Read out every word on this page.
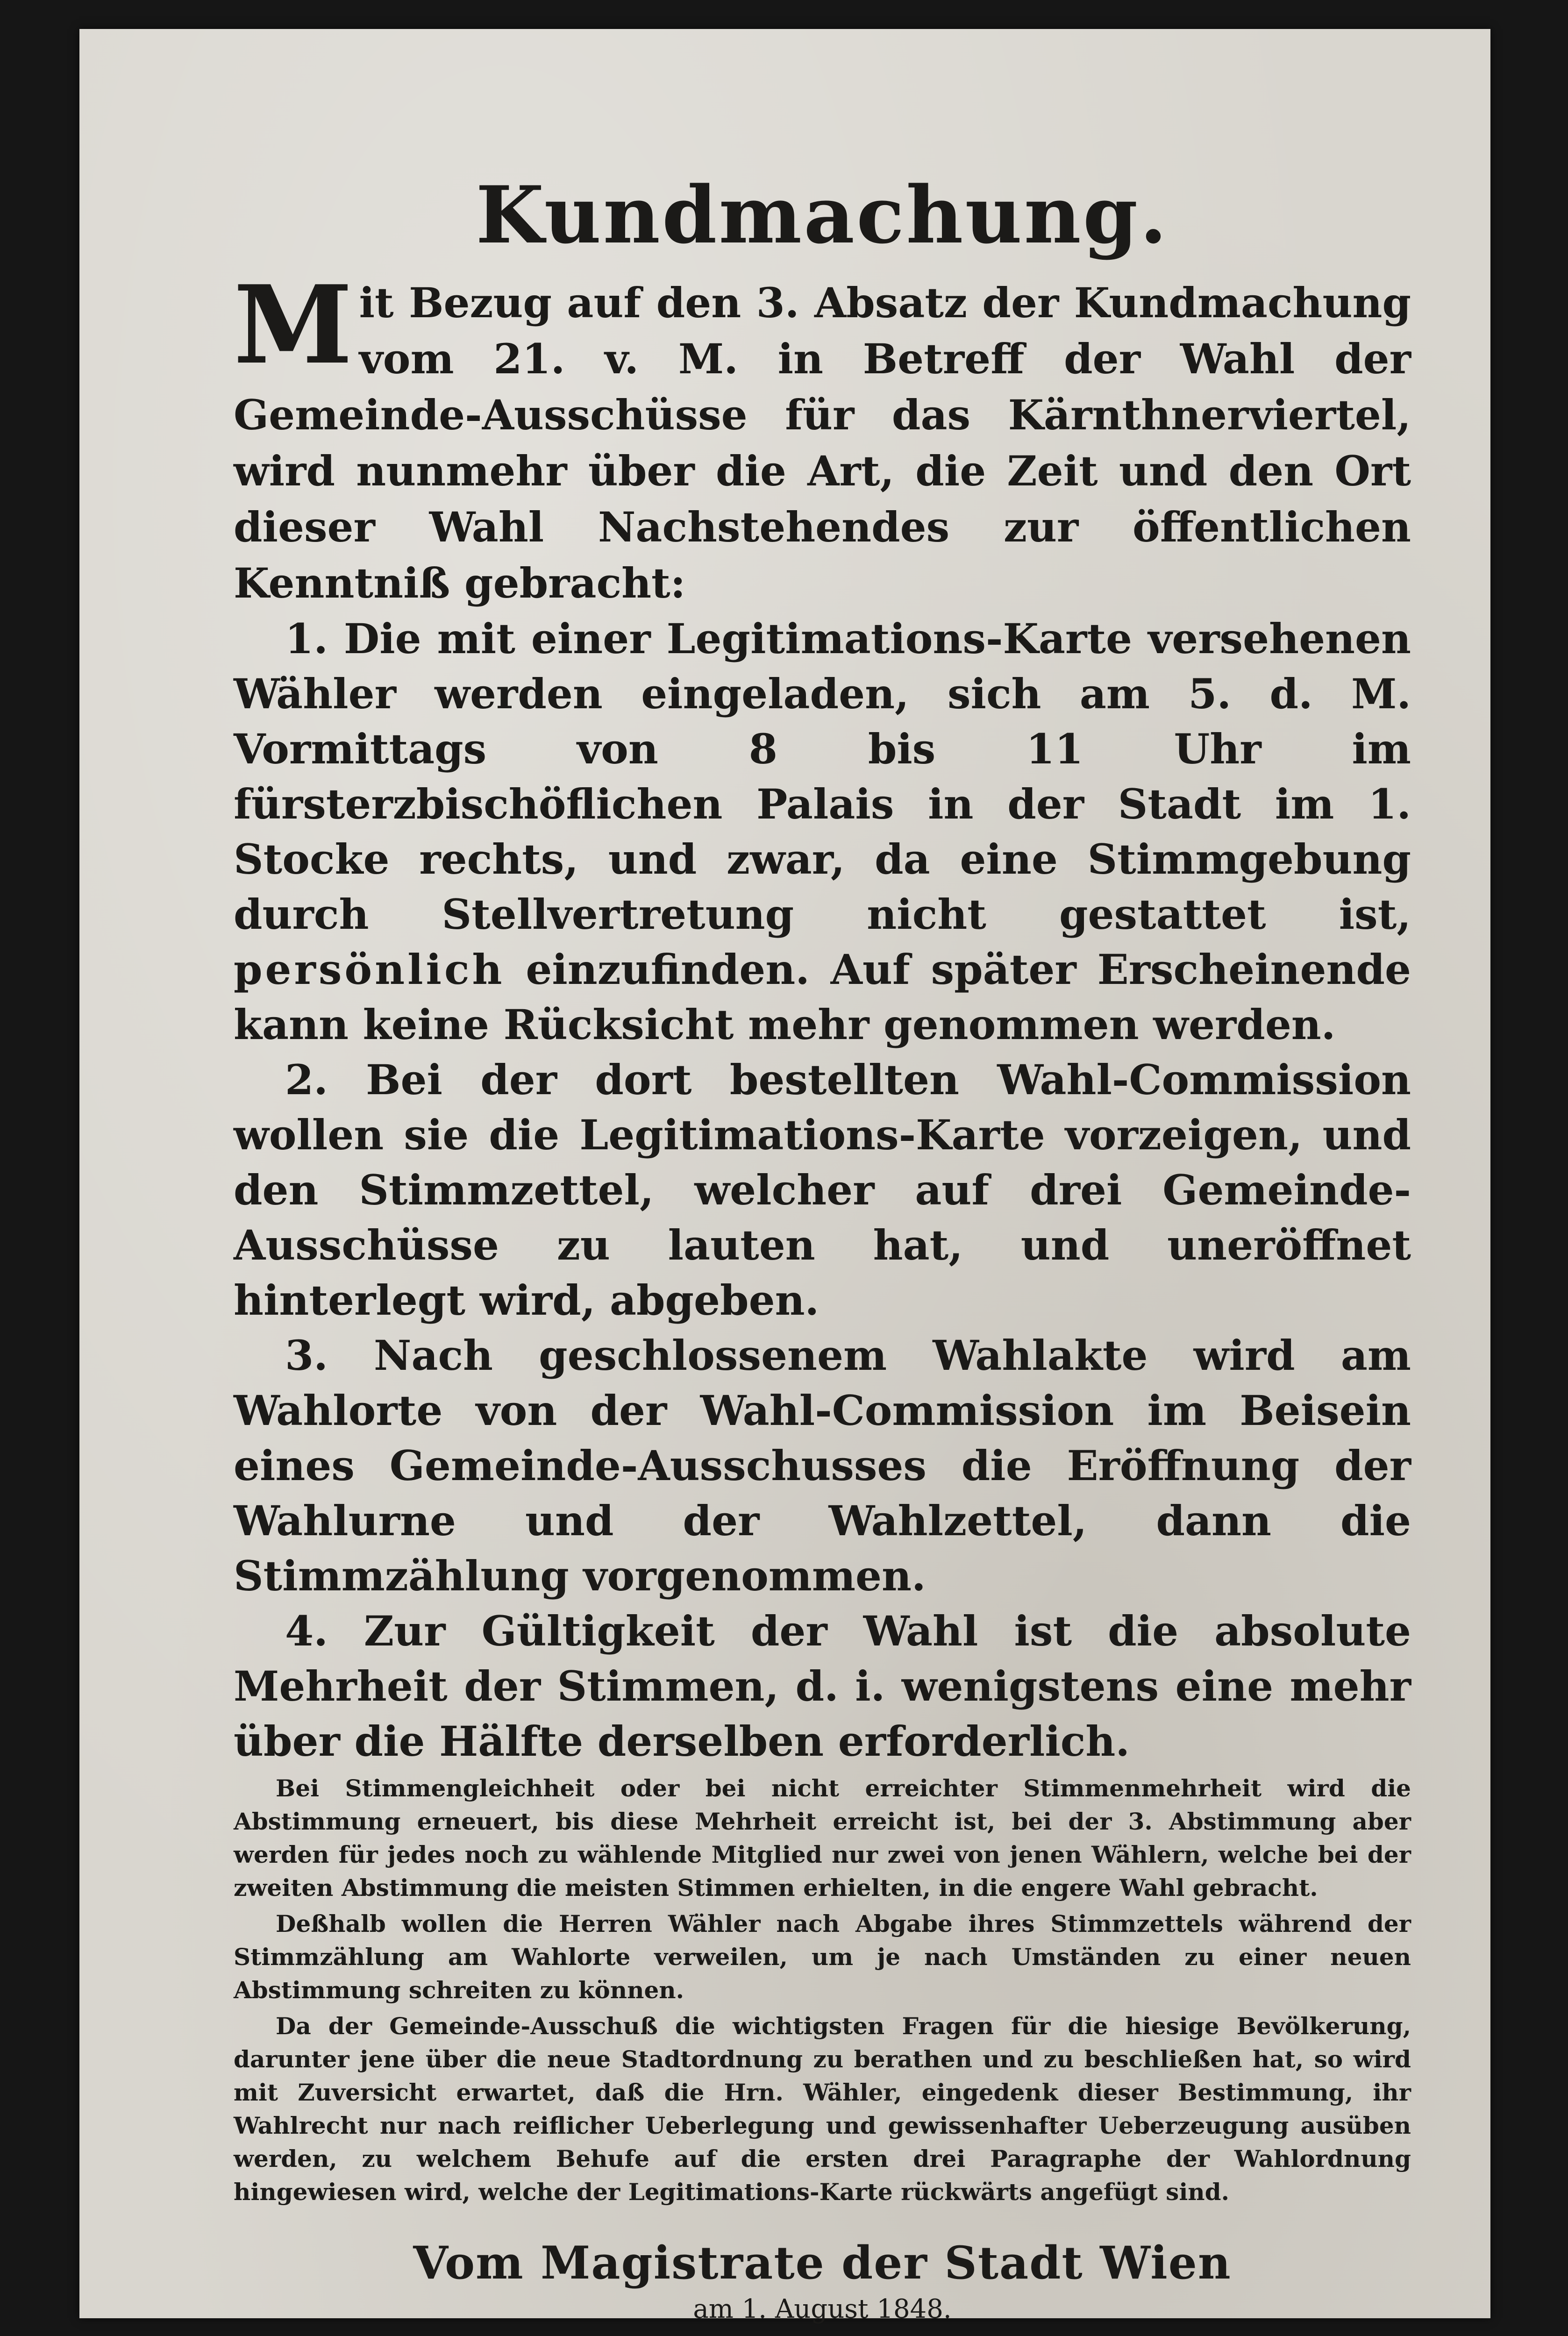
Kundmachung.

Mit Bezug auf den 3. Absatz der Kundmachung vom 21. v. M. in Betreff der Wahl der Gemeinde-Ausschüsse für das Kärnthnerviertel, wird nunmehr über die Art, die Zeit und den Ort dieser Wahl Nachstehendes zur öffentlichen Kenntniß gebracht:

1. Die mit einer Legitimations-Karte versehenen Wähler werden eingeladen, sich am 5. d. M. Vormittags von 8 bis 11 Uhr im fürsterzbischöflichen Palais in der Stadt im 1. Stocke rechts, und zwar, da eine Stimmgebung durch Stellvertretung nicht gestattet ist, persönlich einzufinden. Auf später Erscheinende kann keine Rücksicht mehr genommen werden.

2. Bei der dort bestellten Wahl-Commission wollen sie die Legitimations-Karte vorzeigen, und den Stimmzettel, welcher auf drei Gemeinde-Ausschüsse zu lauten hat, und uneröffnet hinterlegt wird, abgeben.

3. Nach geschlossenem Wahlakte wird am Wahlorte von der Wahl-Commission im Beisein eines Gemeinde-Ausschusses die Eröffnung der Wahlurne und der Wahlzettel, dann die Stimmzählung vorgenommen.

4. Zur Gültigkeit der Wahl ist die absolute Mehrheit der Stimmen, d. i. wenigstens eine mehr über die Hälfte derselben erforderlich.

Bei Stimmengleichheit oder bei nicht erreichter Stimmenmehrheit wird die Abstimmung erneuert, bis diese Mehrheit erreicht ist, bei der 3. Abstimmung aber werden für jedes noch zu wählende Mitglied nur zwei von jenen Wählern, welche bei der zweiten Abstimmung die meisten Stimmen erhielten, in die engere Wahl gebracht.

Deßhalb wollen die Herren Wähler nach Abgabe ihres Stimmzettels während der Stimmzählung am Wahlorte verweilen, um je nach Umständen zu einer neuen Abstimmung schreiten zu können.

Da der Gemeinde-Ausschuß die wichtigsten Fragen für die hiesige Bevölkerung, darunter jene über die neue Stadtordnung zu berathen und zu beschließen hat, so wird mit Zuversicht erwartet, daß die Hrn. Wähler, eingedenk dieser Bestimmung, ihr Wahlrecht nur nach reiflicher Ueberlegung und gewissenhafter Ueberzeugung ausüben werden, zu welchem Behufe auf die ersten drei Paragraphe der Wahlordnung hingewiesen wird, welche der Legitimations-Karte rückwärts angefügt sind.

Vom Magistrate der Stadt Wien

am 1. August 1848.
